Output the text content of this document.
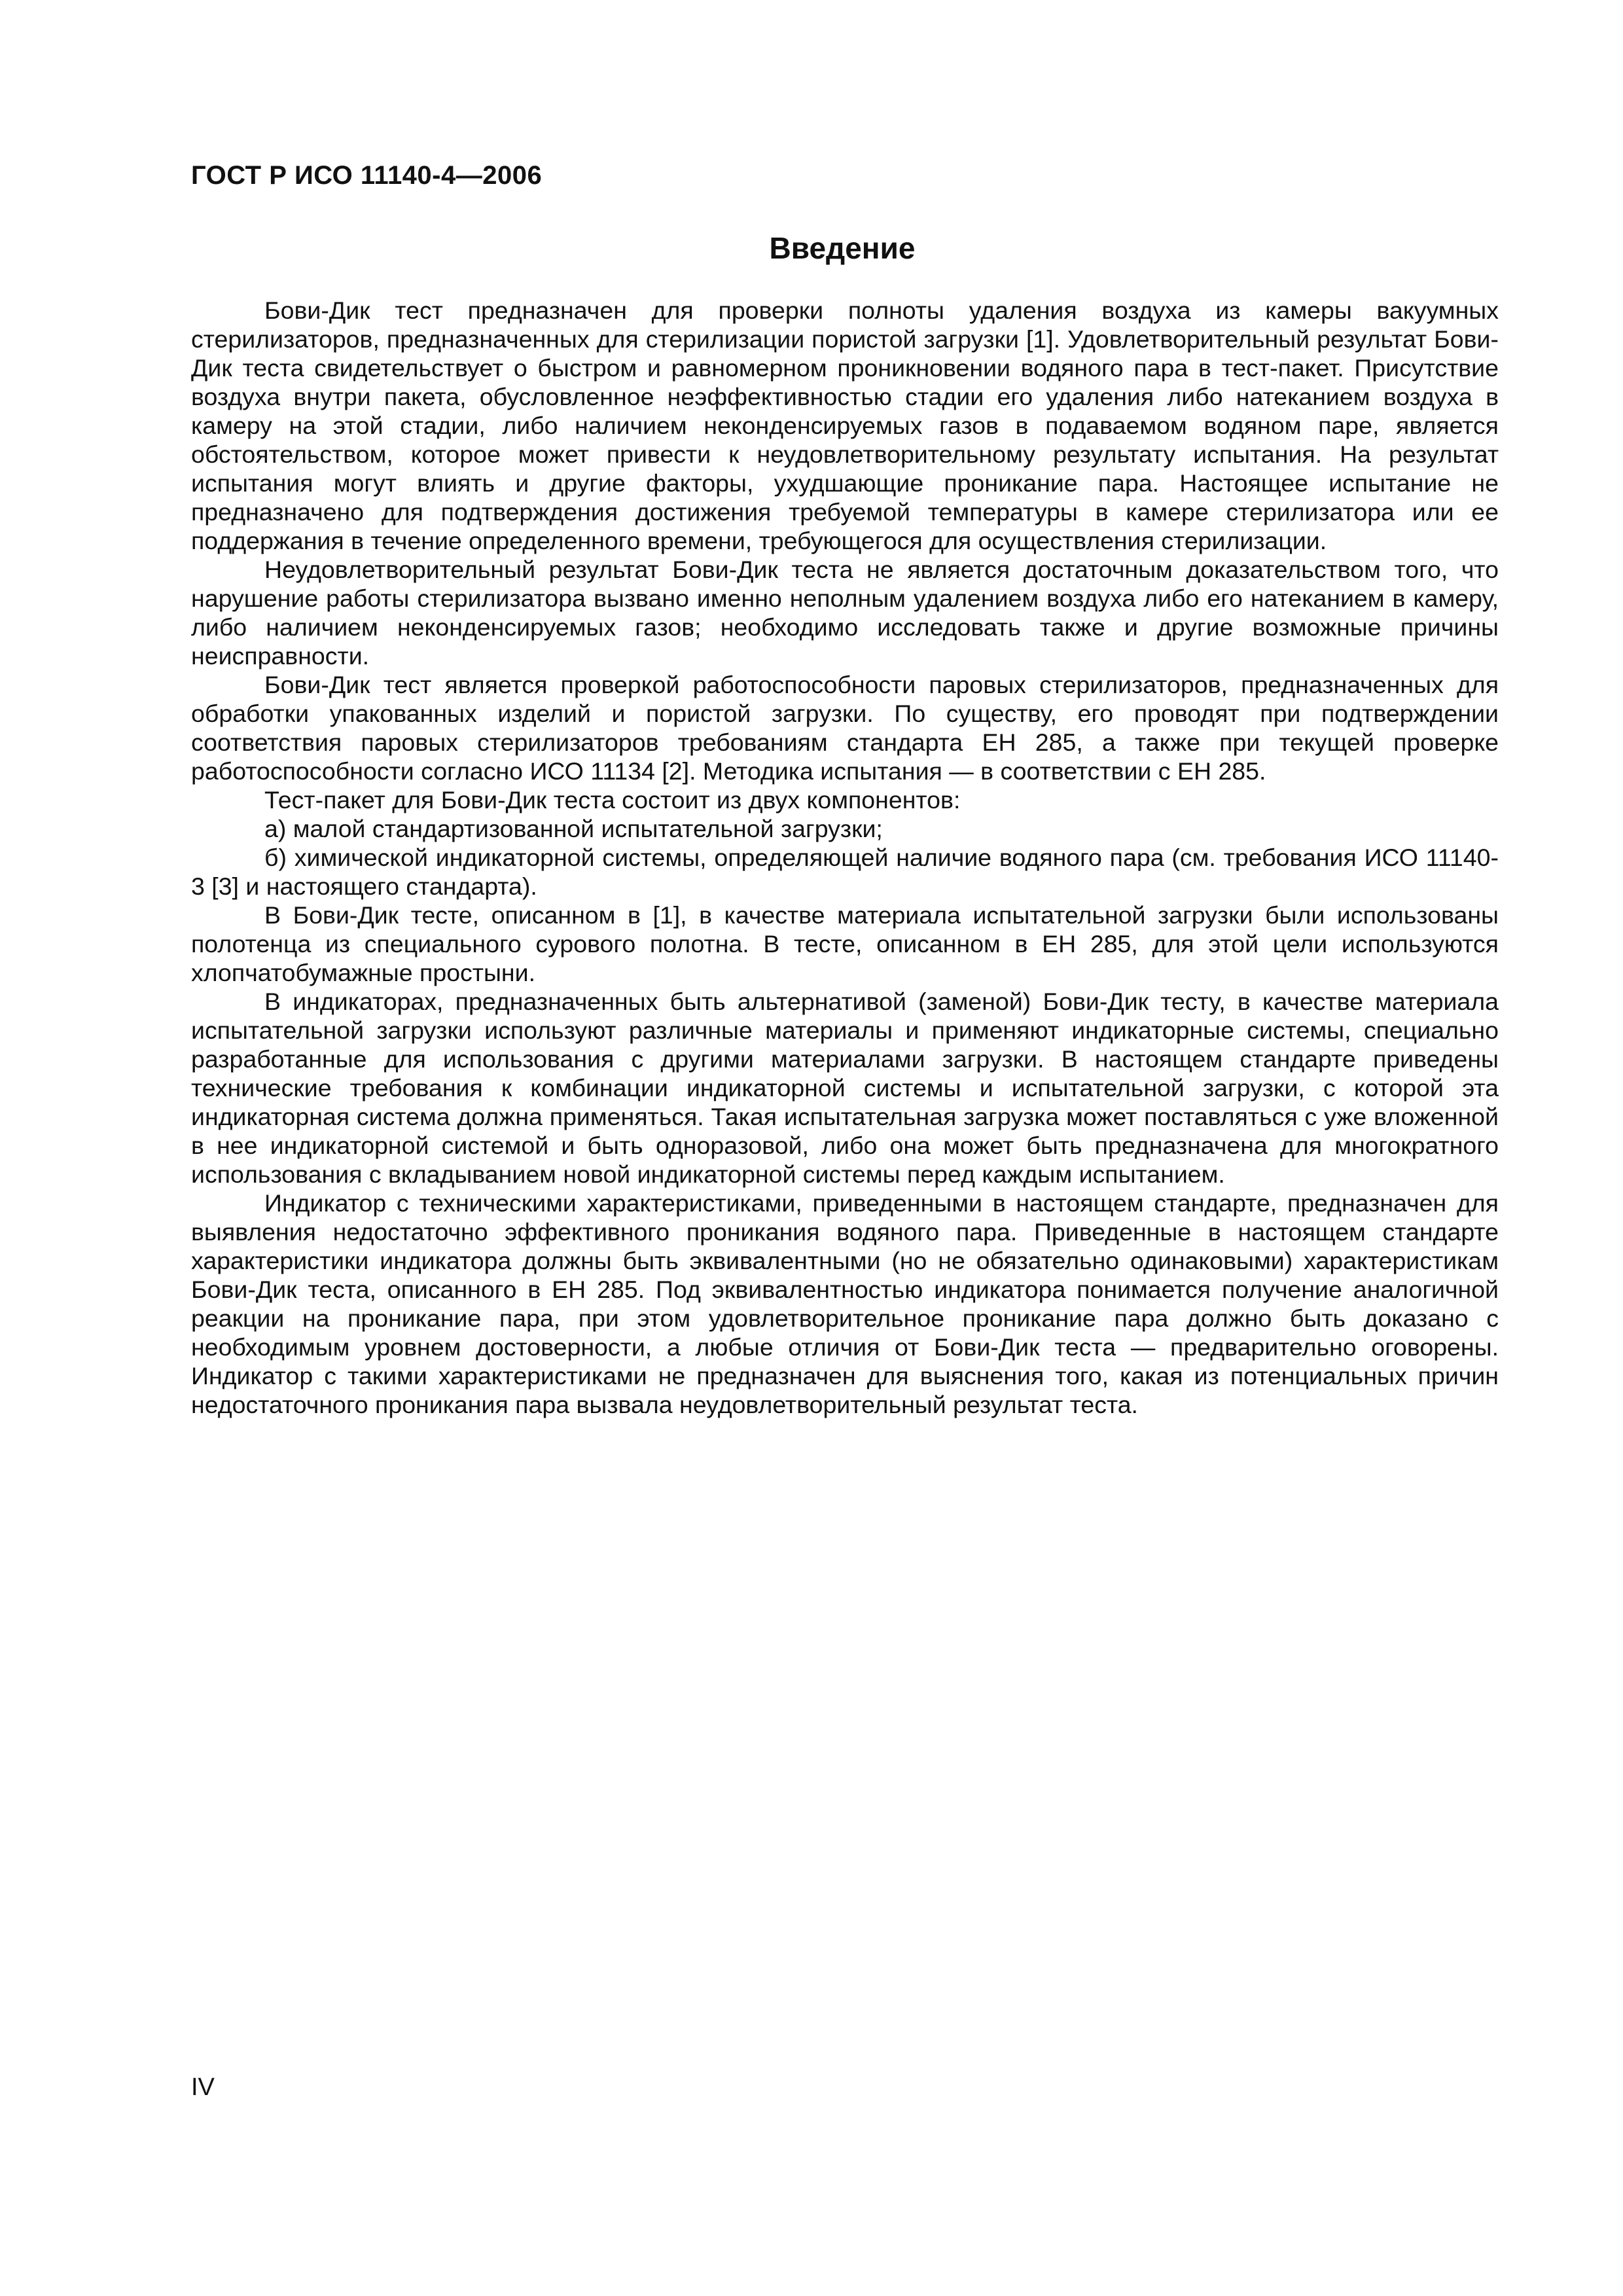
ГОСТ Р ИСО 11140-4—2006
Введение

Бови-Дик тест предназначен для проверки полноты удаления воздуха из камеры вакуумных стерилизаторов, предназначенных для стерилизации пористой загрузки [1]. Удовлетворительный результат Бови-Дик теста свидетельствует о быстром и равномерном проникновении водяного пара в тест-пакет. Присутствие воздуха внутри пакета, обусловленное неэффективностью стадии его удаления либо натеканием воздуха в камеру на этой стадии, либо наличием неконденсируемых газов в подаваемом водяном паре, является обстоятельством, которое может привести к неудовлетворительному результату испытания. На результат испытания могут влиять и другие факторы, ухудшающие проникание пара. Настоящее испытание не предназначено для подтверждения достижения требуемой температуры в камере стерилизатора или ее поддержания в течение определенного времени, требующегося для осуществления стерилизации.

Неудовлетворительный результат Бови-Дик теста не является достаточным доказательством того, что нарушение работы стерилизатора вызвано именно неполным удалением воздуха либо его натеканием в камеру, либо наличием неконденсируемых газов; необходимо исследовать также и другие возможные причины неисправности.

Бови-Дик тест является проверкой работоспособности паровых стерилизаторов, предназначенных для обработки упакованных изделий и пористой загрузки. По существу, его проводят при подтверждении соответствия паровых стерилизаторов требованиям стандарта ЕН 285, а также при текущей проверке работоспособности согласно ИСО 11134 [2]. Методика испытания — в соответствии с ЕН 285.

Тест-пакет для Бови-Дик теста состоит из двух компонентов:

а) малой стандартизованной испытательной загрузки;

б) химической индикаторной системы, определяющей наличие водяного пара (см. требования ИСО 11140-3 [3] и настоящего стандарта).

В Бови-Дик тесте, описанном в [1], в качестве материала испытательной загрузки были использованы полотенца из специального сурового полотна. В тесте, описанном в ЕН 285, для этой цели используются хлопчатобумажные простыни.

В индикаторах, предназначенных быть альтернативой (заменой) Бови-Дик тесту, в качестве материала испытательной загрузки используют различные материалы и применяют индикаторные системы, специально разработанные для использования с другими материалами загрузки. В настоящем стандарте приведены технические требования к комбинации индикаторной системы и испытательной загрузки, с которой эта индикаторная система должна применяться. Такая испытательная загрузка может поставляться с уже вложенной в нее индикаторной системой и быть одноразовой, либо она может быть предназначена для многократного использования с вкладыванием новой индикаторной системы перед каждым испытанием.

Индикатор с техническими характеристиками, приведенными в настоящем стандарте, предназначен для выявления недостаточно эффективного проникания водяного пара. Приведенные в настоящем стандарте характеристики индикатора должны быть эквивалентными (но не обязательно одинаковыми) характеристикам Бови-Дик теста, описанного в ЕН 285. Под эквивалентностью индикатора понимается получение аналогичной реакции на проникание пара, при этом удовлетворительное проникание пара должно быть доказано с необходимым уровнем достоверности, а любые отличия от Бови-Дик теста — предварительно оговорены. Индикатор с такими характеристиками не предназначен для выяснения того, какая из потенциальных причин недостаточного проникания пара вызвала неудовлетворительный результат теста.

IV
